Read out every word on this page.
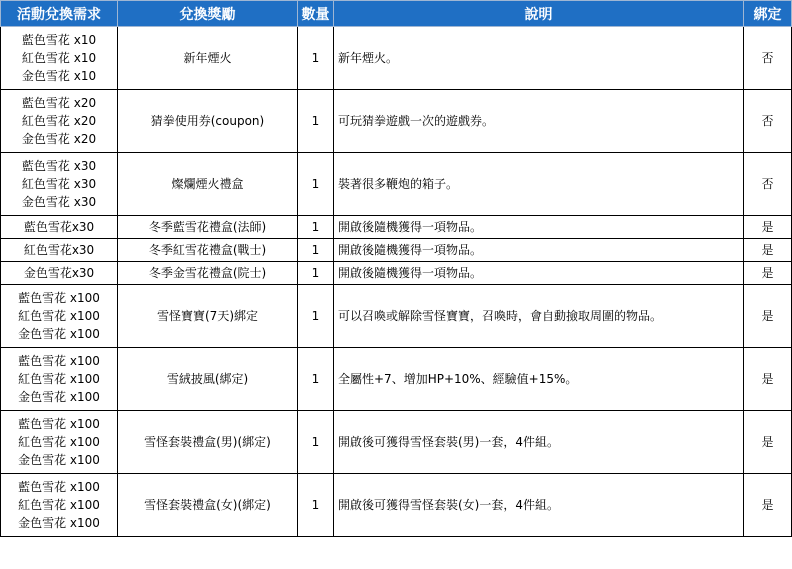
活動兌換需求	兌換獎勵	數量	說明	綁定

藍色雪花 x10
紅色雪花 x10
金色雪花 x10	新年煙火	1	新年煙火。	否

藍色雪花 x20
紅色雪花 x20
金色雪花 x20	猜拳使用券(coupon)	1	可玩猜拳遊戲一次的遊戲券。	否

藍色雪花 x30
紅色雪花 x30
金色雪花 x30	燦爛煙火禮盒	1	裝著很多鞭炮的箱子。	否

藍色雪花x30	冬季藍雪花禮盒(法師)	1	開啟後隨機獲得一項物品。	是

紅色雪花x30	冬季紅雪花禮盒(戰士)	1	開啟後隨機獲得一項物品。	是

金色雪花x30	冬季金雪花禮盒(院士)	1	開啟後隨機獲得一項物品。	是

藍色雪花 x100
紅色雪花 x100
金色雪花 x100	雪怪寶寶(7天)綁定	1	可以召喚或解除雪怪寶寶，召喚時，會自動撿取周圍的物品。	是

藍色雪花 x100
紅色雪花 x100
金色雪花 x100	雪絨披風(綁定)	1	全屬性+7、增加HP+10%、經驗值+15%。	是

藍色雪花 x100
紅色雪花 x100
金色雪花 x100	雪怪套裝禮盒(男)(綁定)	1	開啟後可獲得雪怪套裝(男)一套，4件組。	是

藍色雪花 x100
紅色雪花 x100
金色雪花 x100	雪怪套裝禮盒(女)(綁定)	1	開啟後可獲得雪怪套裝(女)一套，4件組。	是
